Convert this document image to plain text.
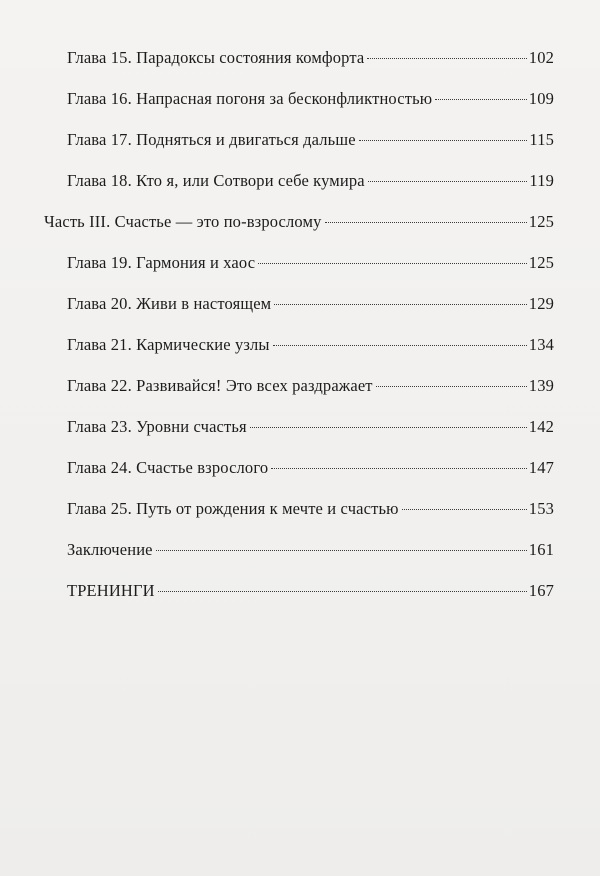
Глава 15. Парадоксы состояния комфорта	102
Глава 16. Напрасная погоня за бесконфликтностью	109
Глава 17. Подняться и двигаться дальше	115
Глава 18. Кто я, или Сотвори себе кумира	119
Часть III. Счастье — это по-взрослому	125
Глава 19. Гармония и хаос	125
Глава 20. Живи в настоящем	129
Глава 21. Кармические узлы	134
Глава 22. Развивайся! Это всех раздражает	139
Глава 23. Уровни счастья	142
Глава 24. Счастье взрослого	147
Глава 25. Путь от рождения к мечте и счастью	153
Заключение	161
ТРЕНИНГИ	167
